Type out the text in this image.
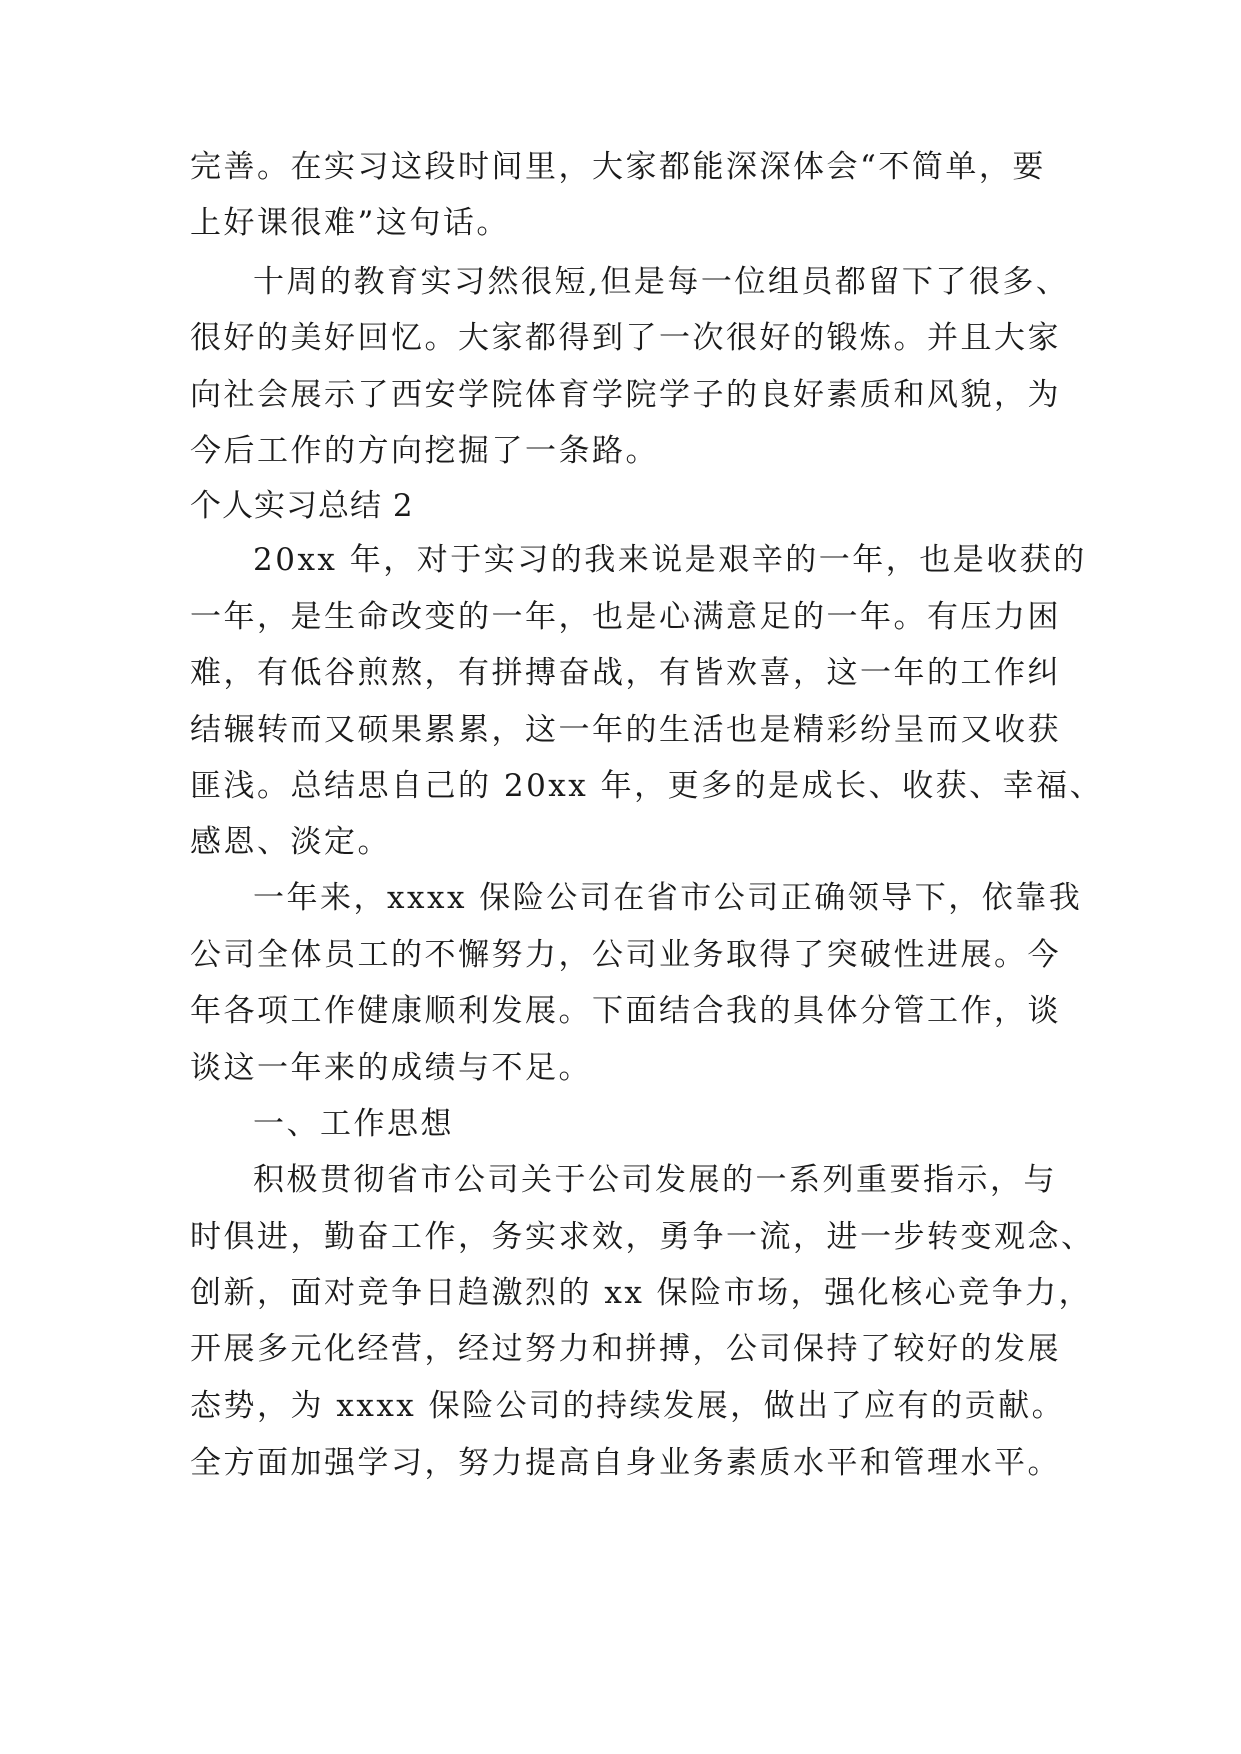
完善。在实习这段时间里，大家都能深深体会“不简单，要

上好课很难”这句话。

十周的教育实习然很短,但是每一位组员都留下了很多、

很好的美好回忆。大家都得到了一次很好的锻炼。并且大家

向社会展示了西安学院体育学院学子的良好素质和风貌，为

今后工作的方向挖掘了一条路。

个人实习总结 2

20xx 年，对于实习的我来说是艰辛的一年，也是收获的

一年，是生命改变的一年，也是心满意足的一年。有压力困

难，有低谷煎熬，有拼搏奋战，有皆欢喜，这一年的工作纠

结辗转而又硕果累累，这一年的生活也是精彩纷呈而又收获

匪浅。总结思自己的 20xx 年，更多的是成长、收获、幸福、

感恩、淡定。

一年来，xxxx 保险公司在省市公司正确领导下，依靠我

公司全体员工的不懈努力，公司业务取得了突破性进展。今

年各项工作健康顺利发展。下面结合我的具体分管工作，谈

谈这一年来的成绩与不足。

一、工作思想

积极贯彻省市公司关于公司发展的一系列重要指示，与

时俱进，勤奋工作，务实求效，勇争一流，进一步转变观念、

创新，面对竞争日趋激烈的 xx 保险市场，强化核心竞争力，

开展多元化经营，经过努力和拼搏，公司保持了较好的发展

态势，为 xxxx 保险公司的持续发展，做出了应有的贡献。

全方面加强学习，努力提高自身业务素质水平和管理水平。
